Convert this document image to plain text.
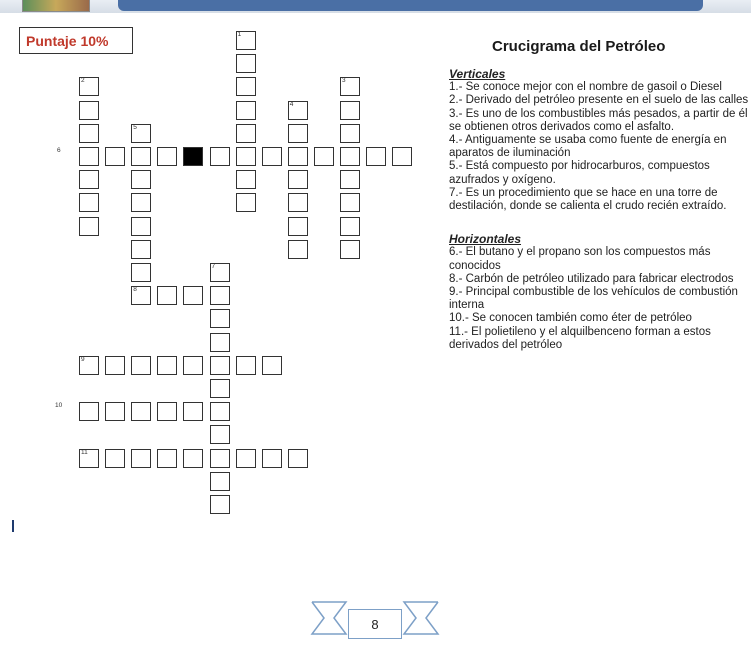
Puntaje 10%	Crucigrama del Petróleo
1
2	3
4
5
6
7
8
9
10
11

Verticales

1.- Se conoce mejor con el nombre de gasoil o Diesel

2.- Derivado del petróleo presente en el suelo de las calles

3.- Es uno de los combustibles más pesados, a partir de él se obtienen otros derivados como el asfalto.

4.- Antiguamente se usaba como fuente de energía en aparatos de iluminación

5.- Está compuesto por hidrocarburos, compuestos azufrados y oxígeno.

7.- Es un procedimiento que se hace en una torre de destilación, donde se calienta el crudo recién extraído.

Horizontales

6.- El butano y el propano son los compuestos más conocidos

8.- Carbón de petróleo utilizado para fabricar electrodos

9.- Principal combustible de los vehículos de combustión interna

10.- Se conocen también como éter de petróleo

11.- El polietileno y el alquilbenceno forman a estos derivados del petróleo

8
